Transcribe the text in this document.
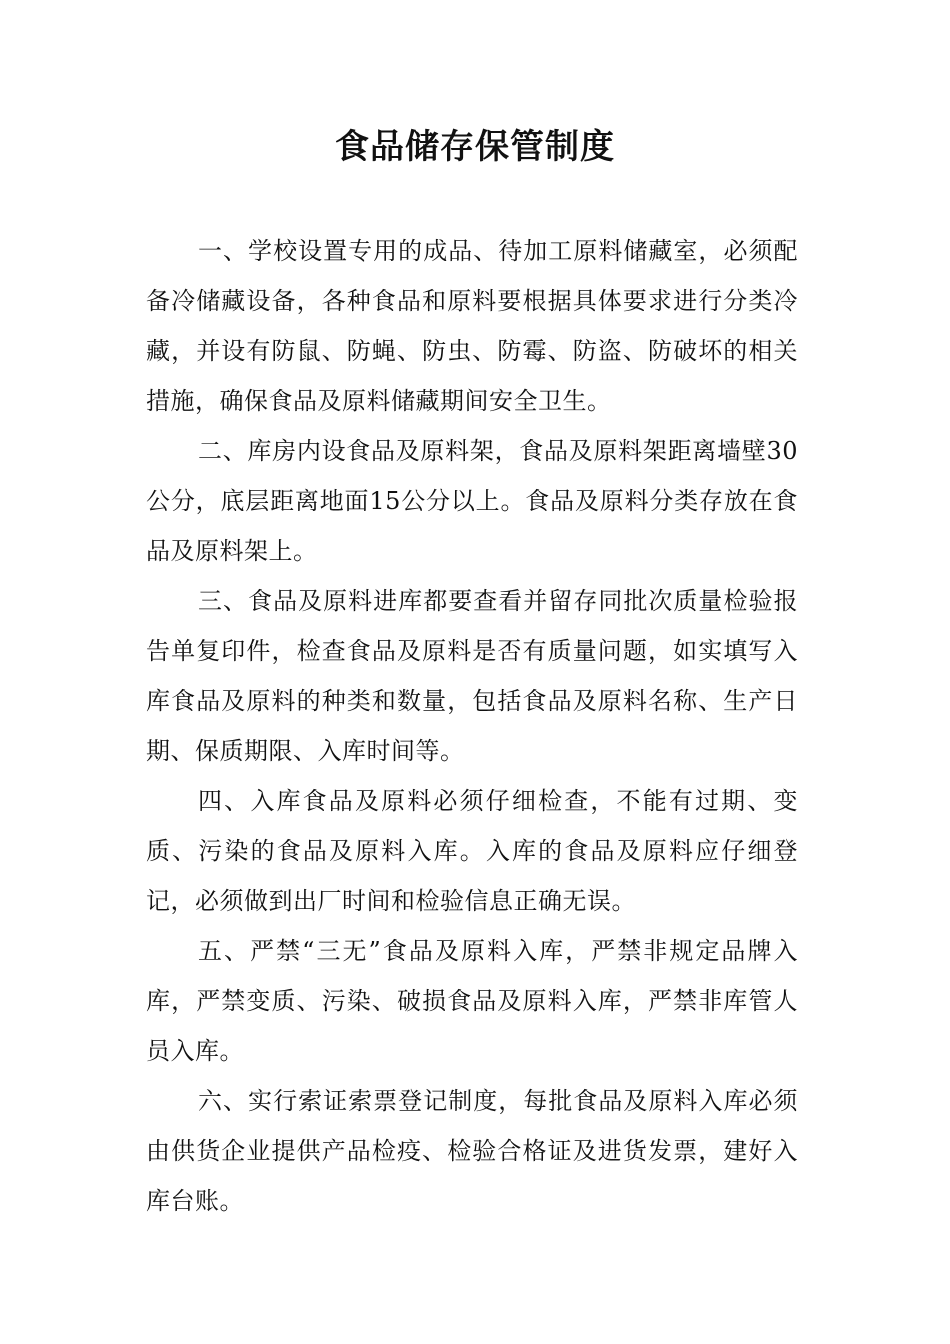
食品储存保管制度

一、学校设置专用的成品、待加工原料储藏室，必须配备冷储藏设备，各种食品和原料要根据具体要求进行分类冷藏，并设有防鼠、防蝇、防虫、防霉、防盗、防破坏的相关措施，确保食品及原料储藏期间安全卫生。

二、库房内设食品及原料架，食品及原料架距离墙壁30公分，底层距离地面15公分以上。食品及原料分类存放在食品及原料架上。

三、食品及原料进库都要查看并留存同批次质量检验报告单复印件，检查食品及原料是否有质量问题，如实填写入库食品及原料的种类和数量，包括食品及原料名称、生产日期、保质期限、入库时间等。

四、入库食品及原料必须仔细检查，不能有过期、变质、污染的食品及原料入库。入库的食品及原料应仔细登记，必须做到出厂时间和检验信息正确无误。

五、严禁“三无”食品及原料入库，严禁非规定品牌入库，严禁变质、污染、破损食品及原料入库，严禁非库管人员入库。

六、实行索证索票登记制度，每批食品及原料入库必须由供货企业提供产品检疫、检验合格证及进货发票，建好入库台账。
